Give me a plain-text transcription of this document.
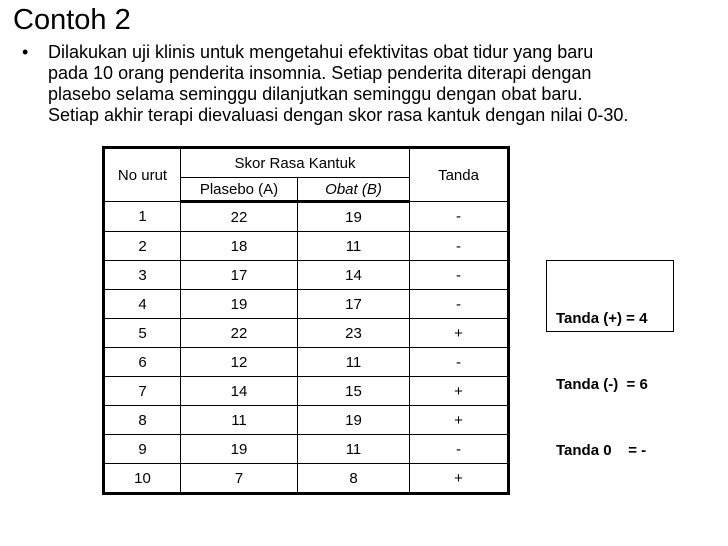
Contoh 2
• Dilakukan uji klinis untuk mengetahui efektivitas obat tidur yang baru
pada 10 orang penderita insomnia. Setiap penderita diterapi dengan
plasebo selama seminggu dilanjutkan seminggu dengan obat baru.
Setiap akhir terapi dievaluasi dengan skor rasa kantuk dengan nilai 0-30.
No urut	Skor Rasa Kantuk		Tanda
	Plasebo (A)	Obat (B)	
1	22	19	-
2	18	11	-
3	17	14	-
4	19	17	-
5	22	23	+
6	12	11	-
7	14	15	+
8	11	19	+
9	19	11	-
10	7	8	+

Tanda (+) = 4

Tanda (-)  = 6

Tanda 0    = -
